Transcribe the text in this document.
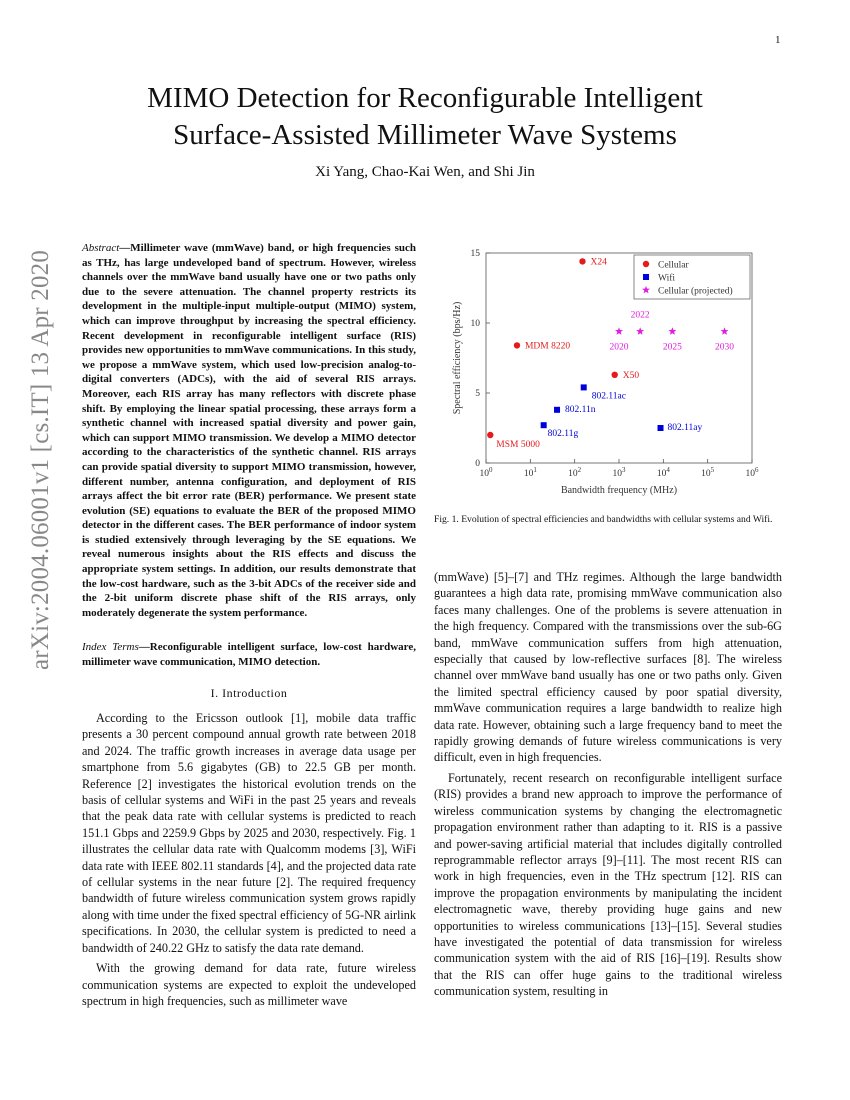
1
arXiv:2004.06001v1 [cs.IT] 13 Apr 2020
MIMO Detection for Reconfigurable Intelligent
Surface-Assisted Millimeter Wave Systems
Xi Yang, Chao-Kai Wen, and Shi Jin
Abstract—Millimeter wave (mmWave) band, or high frequencies such as THz, has large undeveloped band of spectrum. However, wireless channels over the mmWave band usually have one or two paths only due to the severe attenuation. The channel property restricts its development in the multiple-input multiple-output (MIMO) system, which can improve throughput by increasing the spectral efficiency. Recent development in reconfigurable intelligent surface (RIS) provides new opportunities to mmWave communications. In this study, we propose a mmWave system, which used low-precision analog-to-digital converters (ADCs), with the aid of several RIS arrays. Moreover, each RIS array has many reflectors with discrete phase shift. By employing the linear spatial processing, these arrays form a synthetic channel with increased spatial diversity and power gain, which can support MIMO transmission. We develop a MIMO detector according to the characteristics of the synthetic channel. RIS arrays can provide spatial diversity to support MIMO transmission, however, different number, antenna configuration, and deployment of RIS arrays affect the bit error rate (BER) performance. We present state evolution (SE) equations to evaluate the BER of the proposed MIMO detector in the different cases. The BER performance of indoor system is studied extensively through leveraging by the SE equations. We reveal numerous insights about the RIS effects and discuss the appropriate system settings. In addition, our results demonstrate that the low-cost hardware, such as the 3-bit ADCs of the receiver side and the 2-bit uniform discrete phase shift of the RIS arrays, only moderately degenerate the system performance.
Index Terms—Reconfigurable intelligent surface, low-cost hardware, millimeter wave communication, MIMO detection.
I. Introduction

According to the Ericsson outlook [1], mobile data traffic presents a 30 percent compound annual growth rate between 2018 and 2024. The traffic growth increases in average data usage per smartphone from 5.6 gigabytes (GB) to 22.5 GB per month. Reference [2] investigates the historical evolution trends on the basis of cellular systems and WiFi in the past 25 years and reveals that the peak data rate with cellular systems is predicted to reach 151.1 Gbps and 2259.9 Gbps by 2025 and 2030, respectively. Fig. 1 illustrates the cellular data rate with Qualcomm modems [3], WiFi data rate with IEEE 802.11 standards [4], and the projected data rate of cellular systems in the near future [2]. The required frequency bandwidth of future wireless communication system grows rapidly along with time under the fixed spectral efficiency of 5G-NR airlink specifications. In 2030, the cellular system is predicted to need a bandwidth of 240.22 GHz to satisfy the data rate demand.

With the growing demand for data rate, future wireless communication systems are expected to exploit the undeveloped spectrum in high frequencies, such as millimeter wave

$10^0$	$10^1$	$10^2$	$10^3$	$10^4$	$10^5$	$10^6$
0
5
10
15
Bandwidth frequency (MHz)
Spectral efficiency (bps/Hz)
MSM 5000
MDM 8220
X24
X50
802.11g
802.11n
802.11ac
802.11ay
2020
2022
2025	2030
Cellular
Wifi
Cellular (projected)
Fig. 1. Evolution of spectral efficiencies and bandwidths with cellular systems and Wifi.

(mmWave) [5]–[7] and THz regimes. Although the large bandwidth guarantees a high data rate, promising mmWave communication also faces many challenges. One of the problems is severe attenuation in the high frequency. Compared with the transmissions over the sub-6G band, mmWave communication suffers from high attenuation, especially that caused by low-reflective surfaces [8]. The wireless channel over mmWave band usually has one or two paths only. Given the limited spectral efficiency caused by poor spatial diversity, mmWave communication requires a large bandwidth to realize high data rate. However, obtaining such a large frequency band to meet the rapidly growing demands of future wireless communications is very difficult, even in high frequencies.

Fortunately, recent research on reconfigurable intelligent surface (RIS) provides a brand new approach to improve the performance of wireless communication systems by changing the electromagnetic propagation environment rather than adapting to it. RIS is a passive and power-saving artificial material that includes digitally controlled reprogrammable reflector arrays [9]–[11]. The most recent RIS can work in high frequencies, even in the THz spectrum [12]. RIS can improve the propagation environments by manipulating the incident electromagnetic wave, thereby providing huge gains and new opportunities to wireless communications [13]–[15]. Several studies have investigated the potential of data transmission for wireless communication system with the aid of RIS [16]–[19]. Results show that the RIS can offer huge gains to the traditional wireless communication system, resulting in
